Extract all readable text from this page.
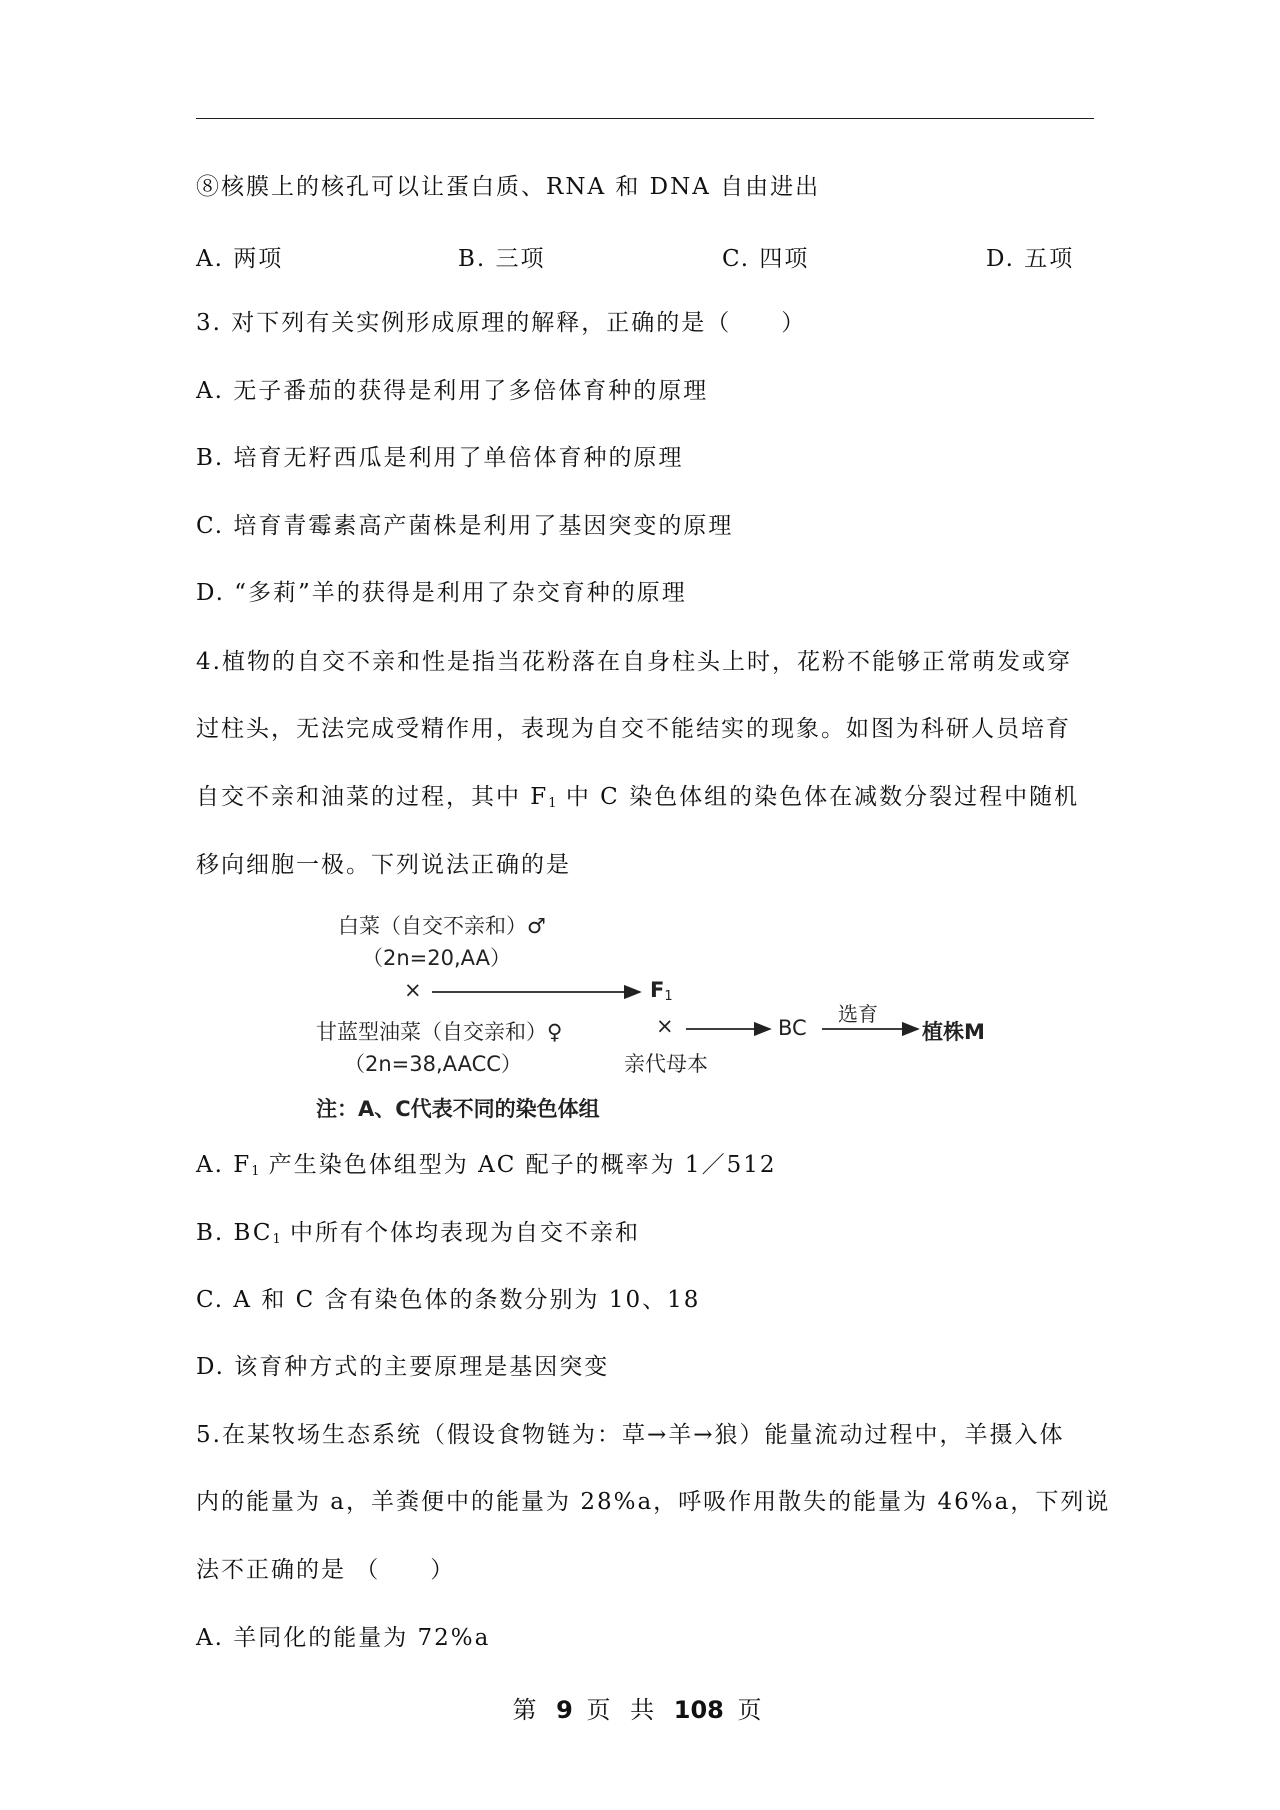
⑧核膜上的核孔可以让蛋白质、RNA 和 DNA 自由进出
A. 两项	B. 三项	C. 四项	D. 五项
3. 对下列有关实例形成原理的解释，正确的是（　　）
A. 无子番茄的获得是利用了多倍体育种的原理
B. 培育无籽西瓜是利用了单倍体育种的原理
C. 培育青霉素高产菌株是利用了基因突变的原理
D. “多莉”羊的获得是利用了杂交育种的原理
4.植物的自交不亲和性是指当花粉落在自身柱头上时，花粉不能够正常萌发或穿
过柱头，无法完成受精作用，表现为自交不能结实的现象。如图为科研人员培育
自交不亲和油菜的过程，其中 $F_1$ 中 C 染色体组的染色体在减数分裂过程中随机
移向细胞一极。下列说法正确的是
白菜（自交不亲和）♂
（2n=20,AA）
×	$F_1$
甘蓝型油菜（自交亲和）♀
（2n=38,AACC）
×
亲代母本
BC
选育
植株M
注：A、C代表不同的染色体组
A. $F_1$ 产生染色体组型为 AC 配子的概率为 1／512
B. $BC_1$ 中所有个体均表现为自交不亲和
C. A 和 C 含有染色体的条数分别为 10、18
D. 该育种方式的主要原理是基因突变
5.在某牧场生态系统（假设食物链为：草→羊→狼）能量流动过程中，羊摄入体
内的能量为 a，羊粪便中的能量为 28%a，呼吸作用散失的能量为 46%a，下列说
法不正确的是 （　　）
A. 羊同化的能量为 72%a
第 9 页 共 108 页
